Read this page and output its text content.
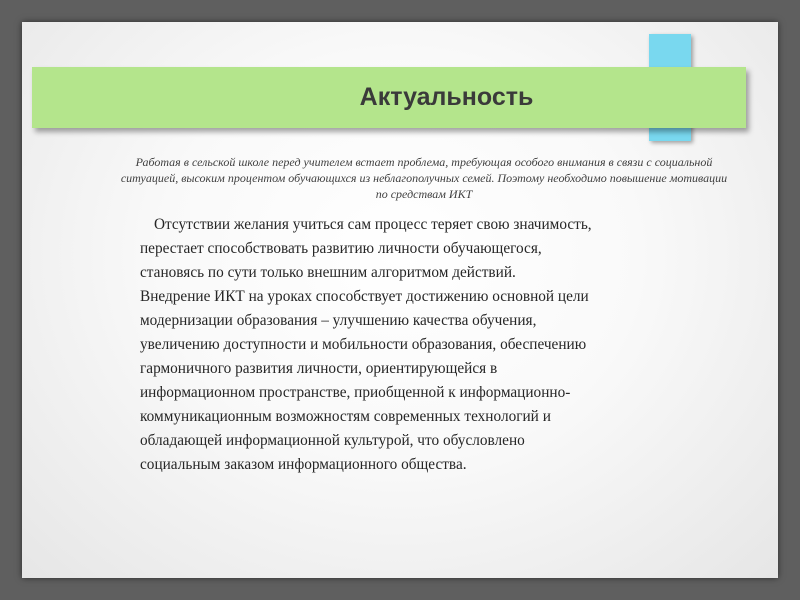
Актуальность
Работая в сельской школе перед учителем встает проблема, требующая особого внимания в связи с социальной ситуацией, высоким процентом обучающихся из неблагополучных семей. Поэтому необходимо повышение мотивации по средствам ИКТ
Отсутствии желания учиться сам процесс теряет свою значимость,
перестает способствовать развитию личности обучающегося,
становясь по сути только внешним алгоритмом действий.
Внедрение ИКТ на уроках способствует достижению основной цели
модернизации образования – улучшению качества обучения,
увеличению доступности и мобильности образования, обеспечению
гармоничного развития личности, ориентирующейся в
информационном пространстве, приобщенной к информационно-
коммуникационным возможностям современных технологий и
обладающей информационной культурой, что обусловлено
социальным заказом информационного общества.
